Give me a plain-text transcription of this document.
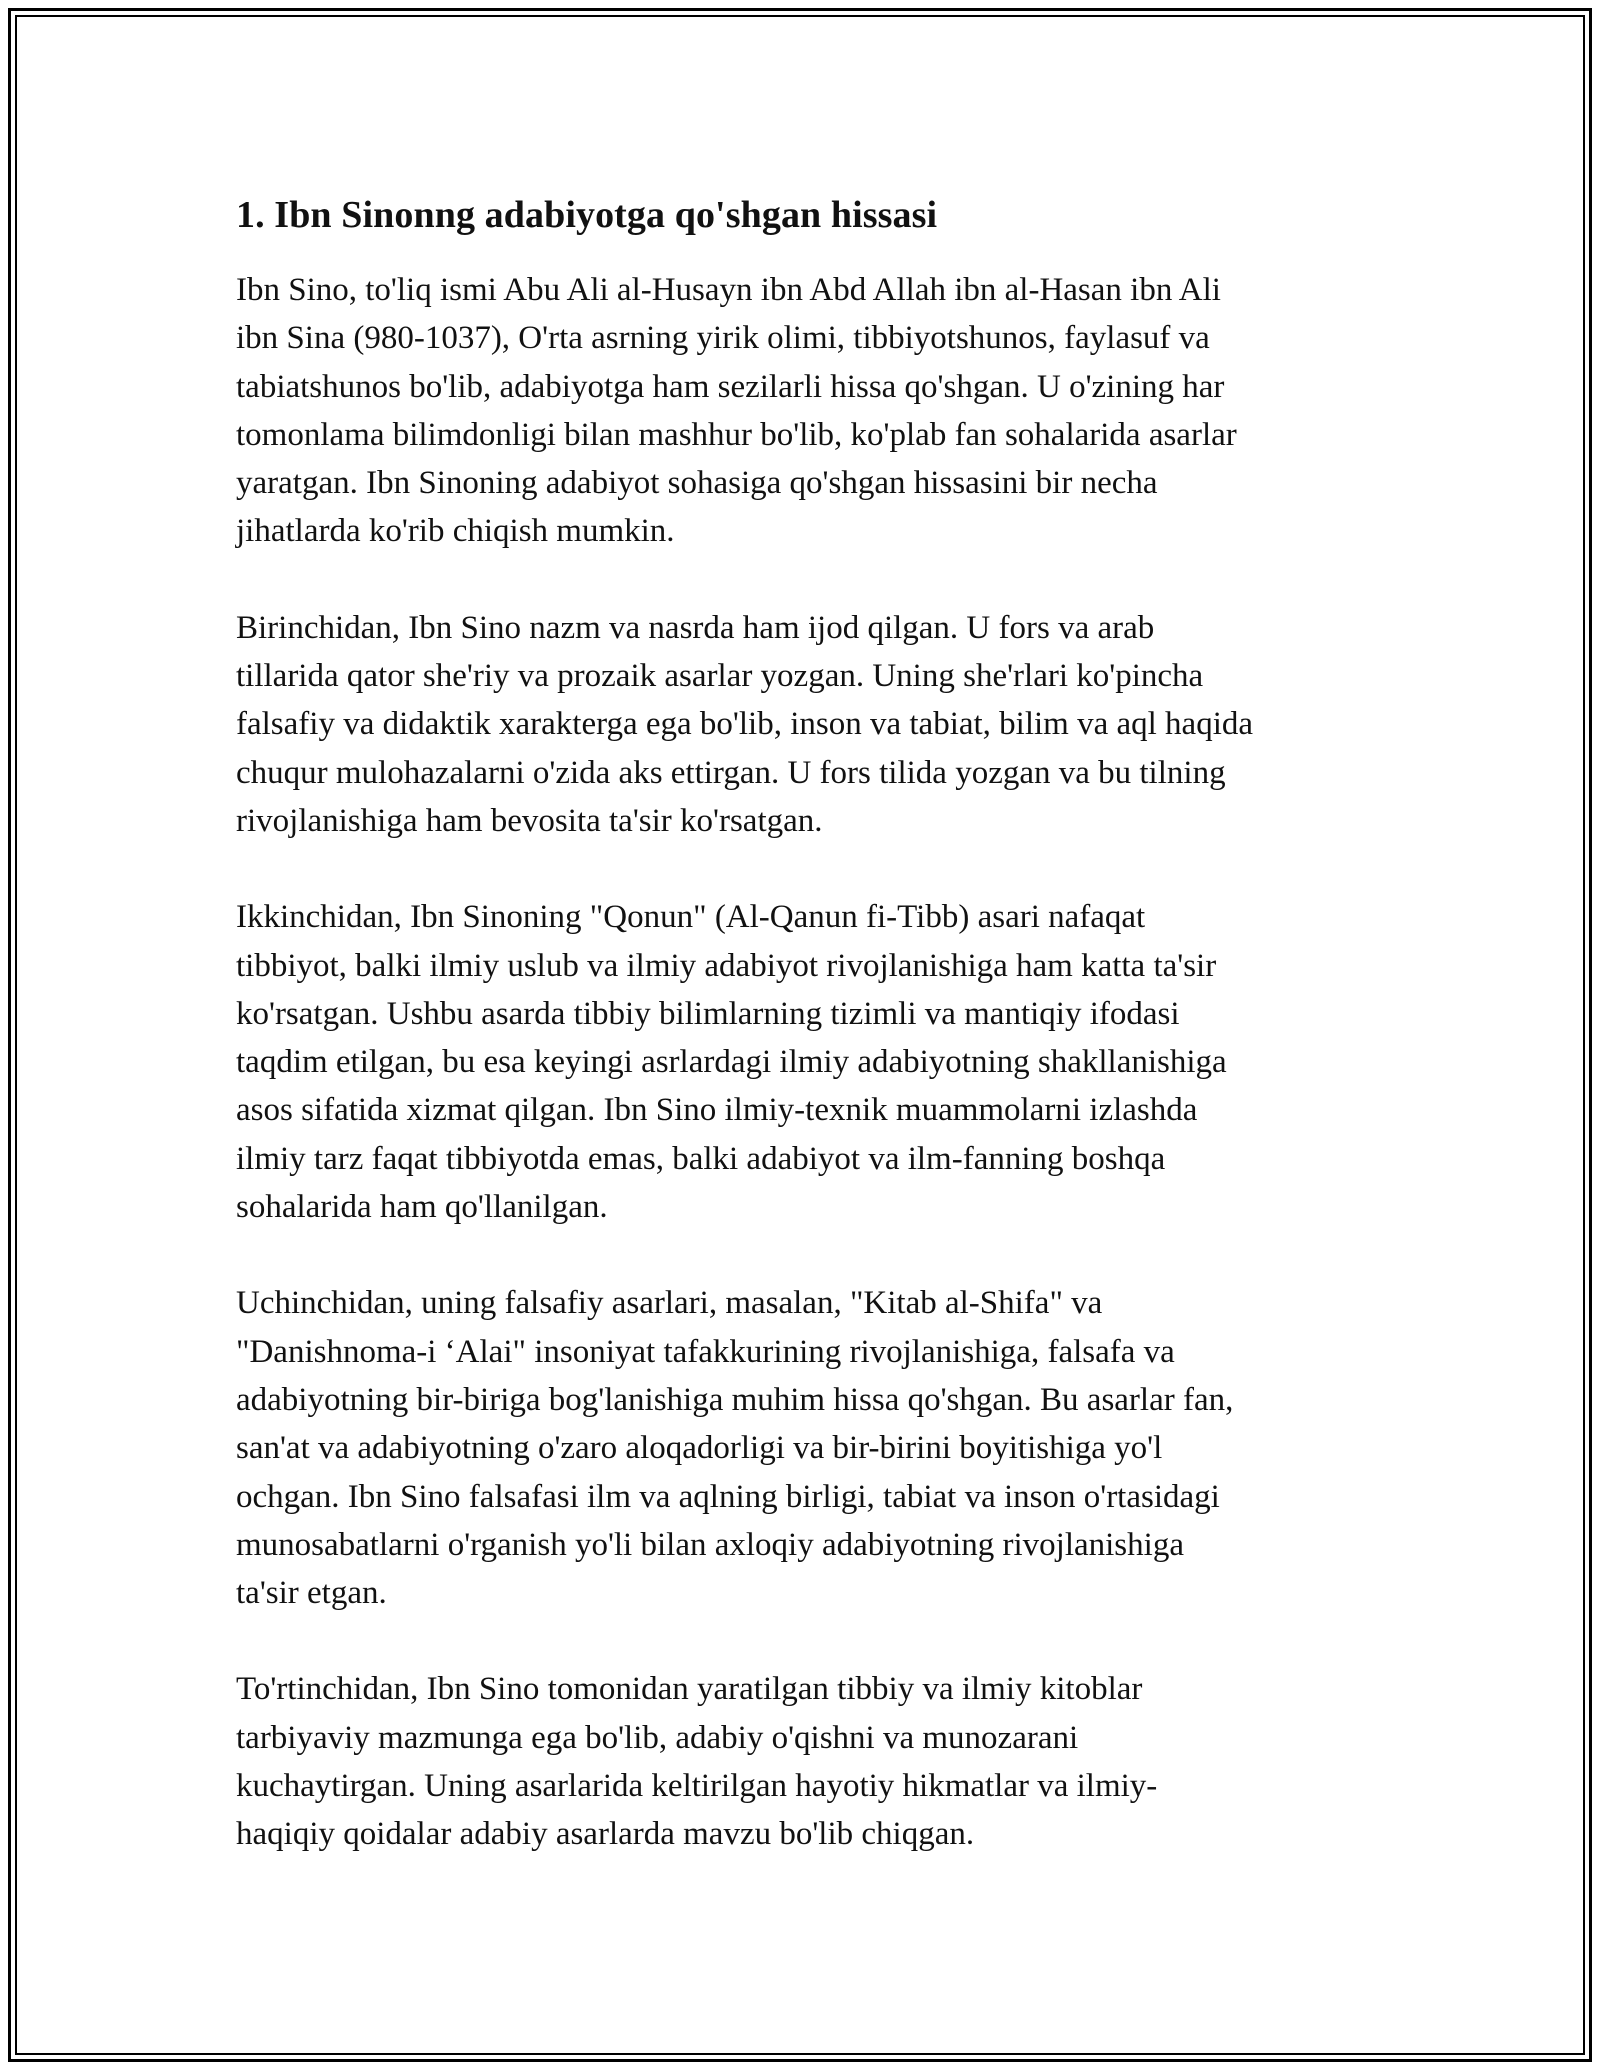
1. Ibn Sinonng adabiyotga qo'shgan hissasi

Ibn Sino, to'liq ismi Abu Ali al-Husayn ibn Abd Allah ibn al-Hasan ibn Ali
ibn Sina (980-1037), O'rta asrning yirik olimi, tibbiyotshunos, faylasuf va
tabiatshunos bo'lib, adabiyotga ham sezilarli hissa qo'shgan. U o'zining har
tomonlama bilimdonligi bilan mashhur bo'lib, ko'plab fan sohalarida asarlar
yaratgan. Ibn Sinoning adabiyot sohasiga qo'shgan hissasini bir necha
jihatlarda ko'rib chiqish mumkin.

Birinchidan, Ibn Sino nazm va nasrda ham ijod qilgan. U fors va arab
tillarida qator she'riy va prozaik asarlar yozgan. Uning she'rlari ko'pincha
falsafiy va didaktik xarakterga ega bo'lib, inson va tabiat, bilim va aql haqida
chuqur mulohazalarni o'zida aks ettirgan. U fors tilida yozgan va bu tilning
rivojlanishiga ham bevosita ta'sir ko'rsatgan.

Ikkinchidan, Ibn Sinoning "Qonun" (Al-Qanun fi-Tibb) asari nafaqat
tibbiyot, balki ilmiy uslub va ilmiy adabiyot rivojlanishiga ham katta ta'sir
ko'rsatgan. Ushbu asarda tibbiy bilimlarning tizimli va mantiqiy ifodasi
taqdim etilgan, bu esa keyingi asrlardagi ilmiy adabiyotning shakllanishiga
asos sifatida xizmat qilgan. Ibn Sino ilmiy-texnik muammolarni izlashda
ilmiy tarz faqat tibbiyotda emas, balki adabiyot va ilm-fanning boshqa
sohalarida ham qo'llanilgan.

Uchinchidan, uning falsafiy asarlari, masalan, "Kitab al-Shifa" va
"Danishnoma-i ‘Alai" insoniyat tafakkurining rivojlanishiga, falsafa va
adabiyotning bir-biriga bog'lanishiga muhim hissa qo'shgan. Bu asarlar fan,
san'at va adabiyotning o'zaro aloqadorligi va bir-birini boyitishiga yo'l
ochgan. Ibn Sino falsafasi ilm va aqlning birligi, tabiat va inson o'rtasidagi
munosabatlarni o'rganish yo'li bilan axloqiy adabiyotning rivojlanishiga
ta'sir etgan.

To'rtinchidan, Ibn Sino tomonidan yaratilgan tibbiy va ilmiy kitoblar
tarbiyaviy mazmunga ega bo'lib, adabiy o'qishni va munozarani
kuchaytirgan. Uning asarlarida keltirilgan hayotiy hikmatlar va ilmiy-
haqiqiy qoidalar adabiy asarlarda mavzu bo'lib chiqgan.
